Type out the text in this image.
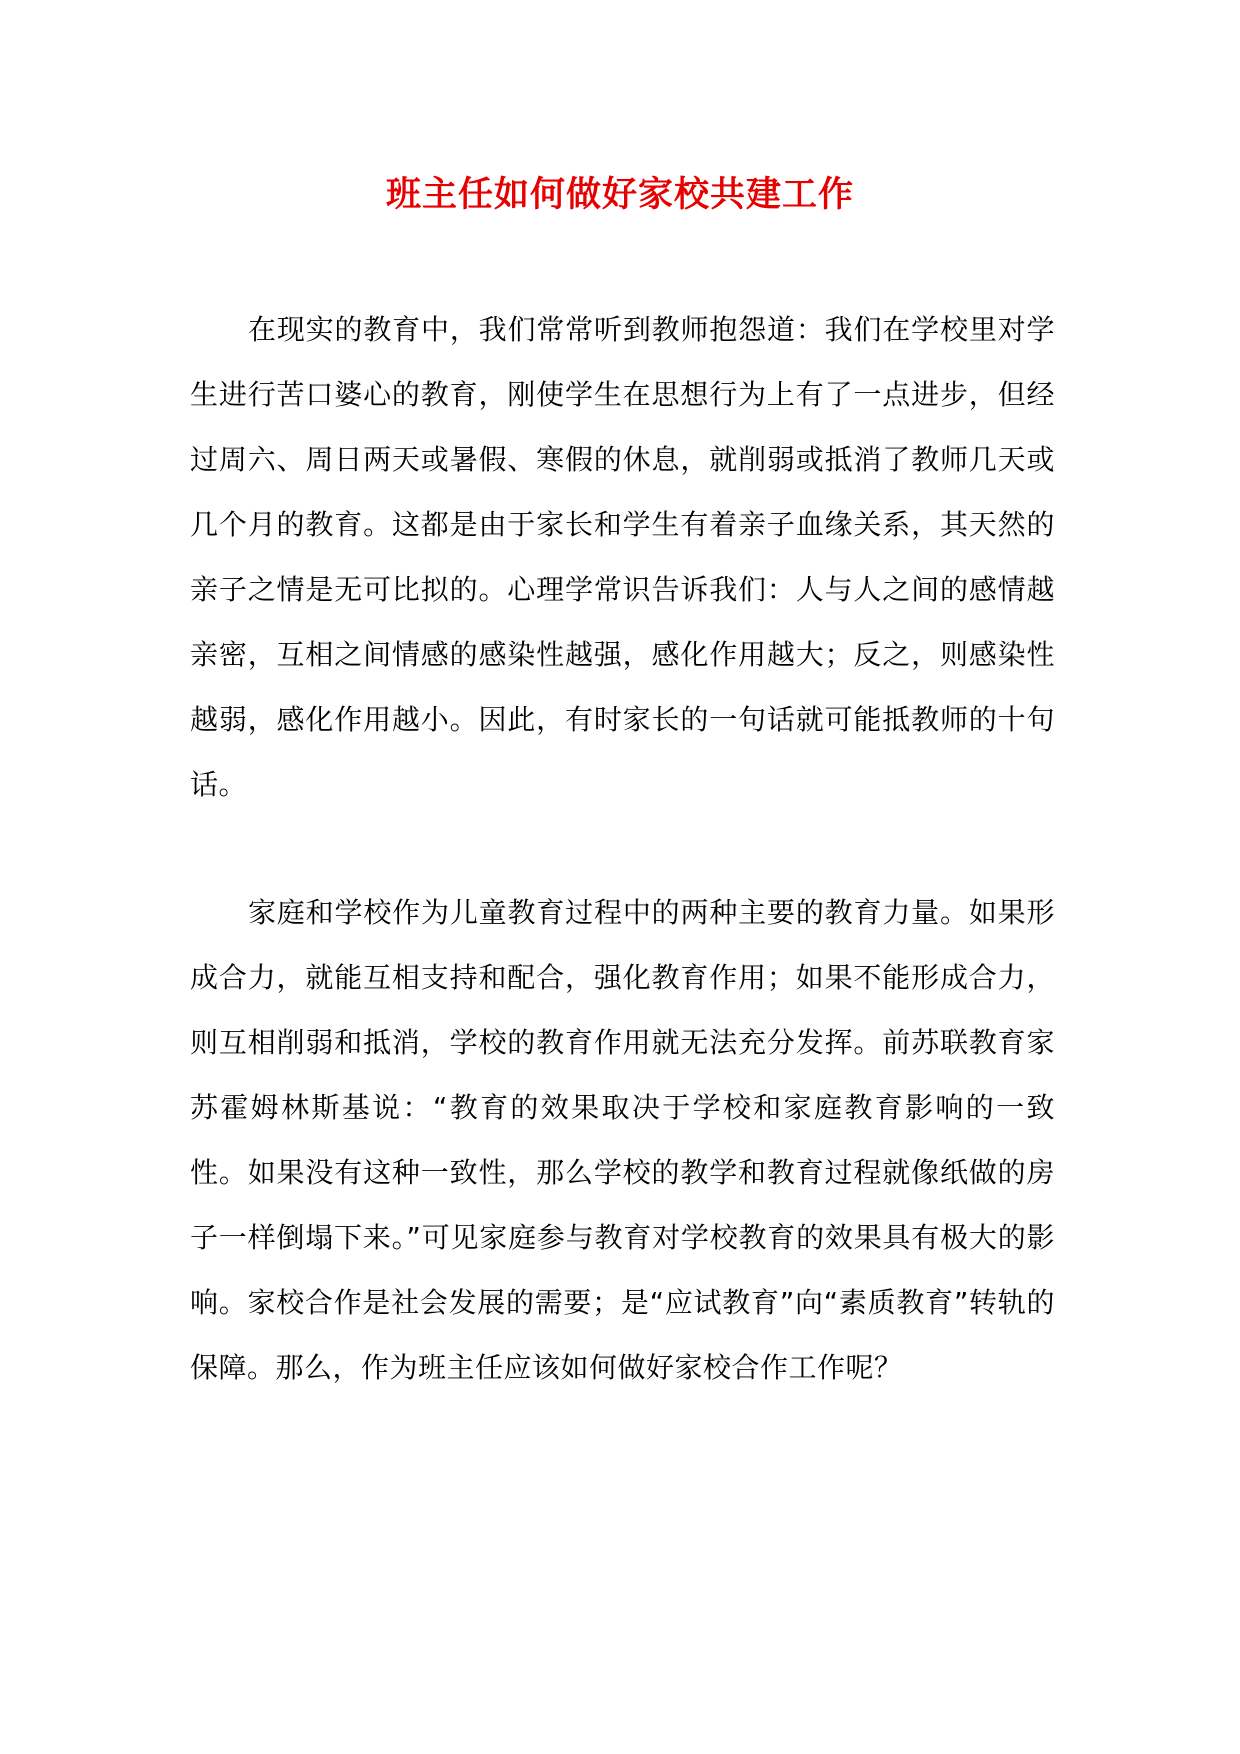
班主任如何做好家校共建工作

在现实的教育中，我们常常听到教师抱怨道：我们在学校里对学生进行苦口婆心的教育，刚使学生在思想行为上有了一点进步，但经过周六、周日两天或暑假、寒假的休息，就削弱或抵消了教师几天或几个月的教育。这都是由于家长和学生有着亲子血缘关系，其天然的亲子之情是无可比拟的。心理学常识告诉我们：人与人之间的感情越亲密，互相之间情感的感染性越强，感化作用越大；反之，则感染性越弱，感化作用越小。因此，有时家长的一句话就可能抵教师的十句话。

家庭和学校作为儿童教育过程中的两种主要的教育力量。如果形成合力，就能互相支持和配合，强化教育作用；如果不能形成合力，则互相削弱和抵消，学校的教育作用就无法充分发挥。前苏联教育家苏霍姆林斯基说：“教育的效果取决于学校和家庭教育影响的一致性。如果没有这种一致性，那么学校的教学和教育过程就像纸做的房子一样倒塌下来。”可见家庭参与教育对学校教育的效果具有极大的影响。家校合作是社会发展的需要；是“应试教育”向“素质教育”转轨的保障。那么，作为班主任应该如何做好家校合作工作呢？
